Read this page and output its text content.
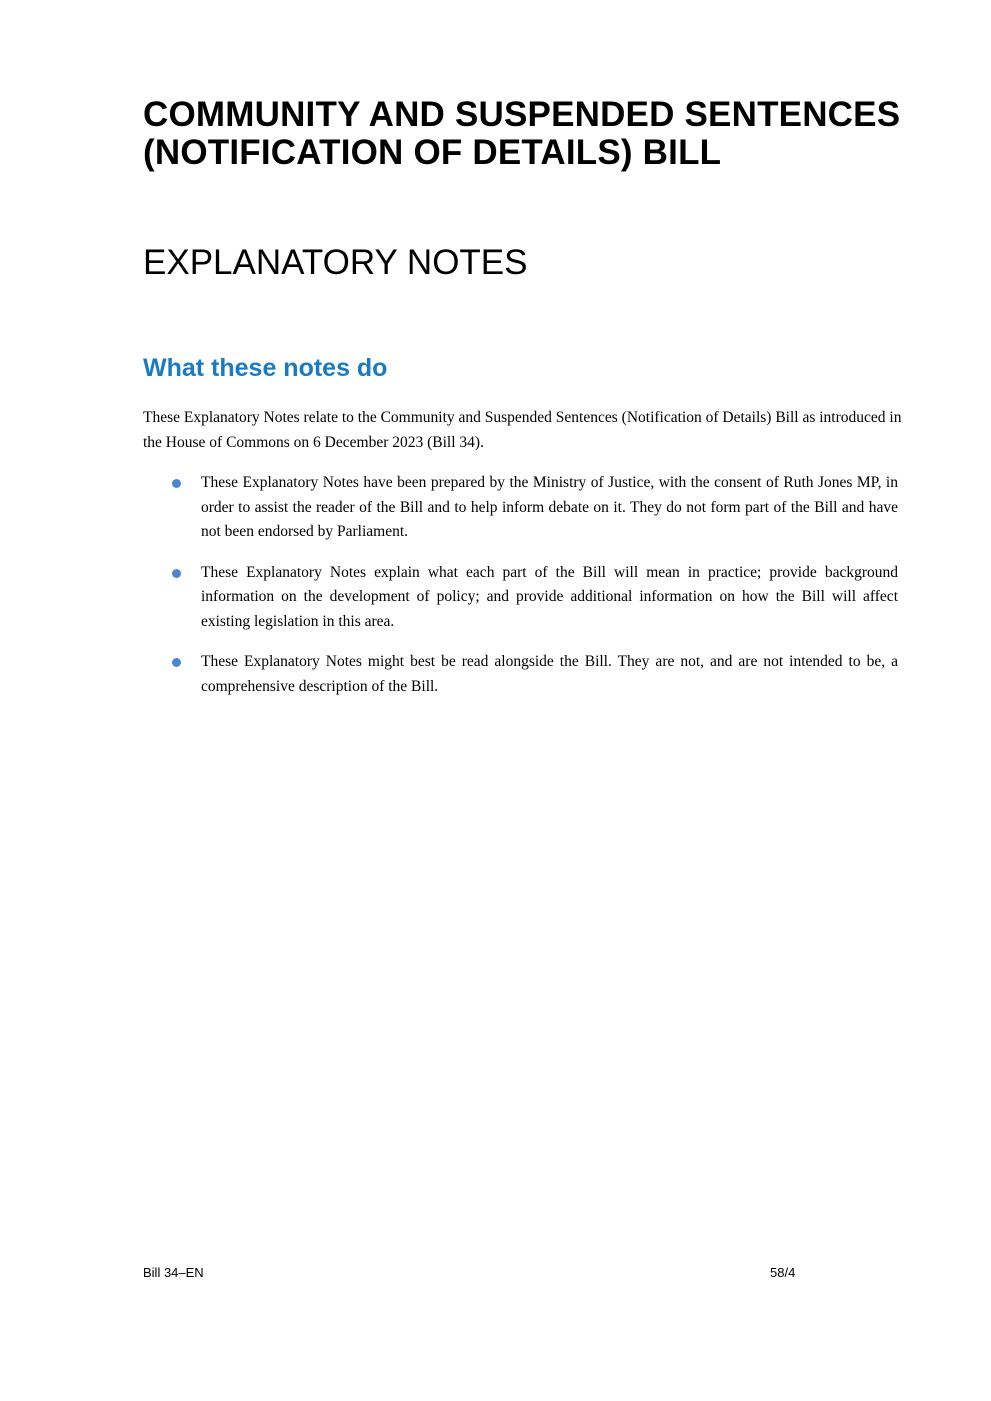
COMMUNITY AND SUSPENDED SENTENCES (NOTIFICATION OF DETAILS) BILL
EXPLANATORY NOTES
What these notes do

These Explanatory Notes relate to the Community and Suspended Sentences (Notification of Details) Bill as introduced in the House of Commons on 6 December 2023 (Bill 34).

These Explanatory Notes have been prepared by the Ministry of Justice, with the consent of Ruth Jones MP, in order to assist the reader of the Bill and to help inform debate on it. They do not form part of the Bill and have not been endorsed by Parliament.
These Explanatory Notes explain what each part of the Bill will mean in practice; provide background information on the development of policy; and provide additional information on how the Bill will affect existing legislation in this area.
These Explanatory Notes might best be read alongside the Bill. They are not, and are not intended to be, a comprehensive description of the Bill.

Bill 34–EN	58/4
